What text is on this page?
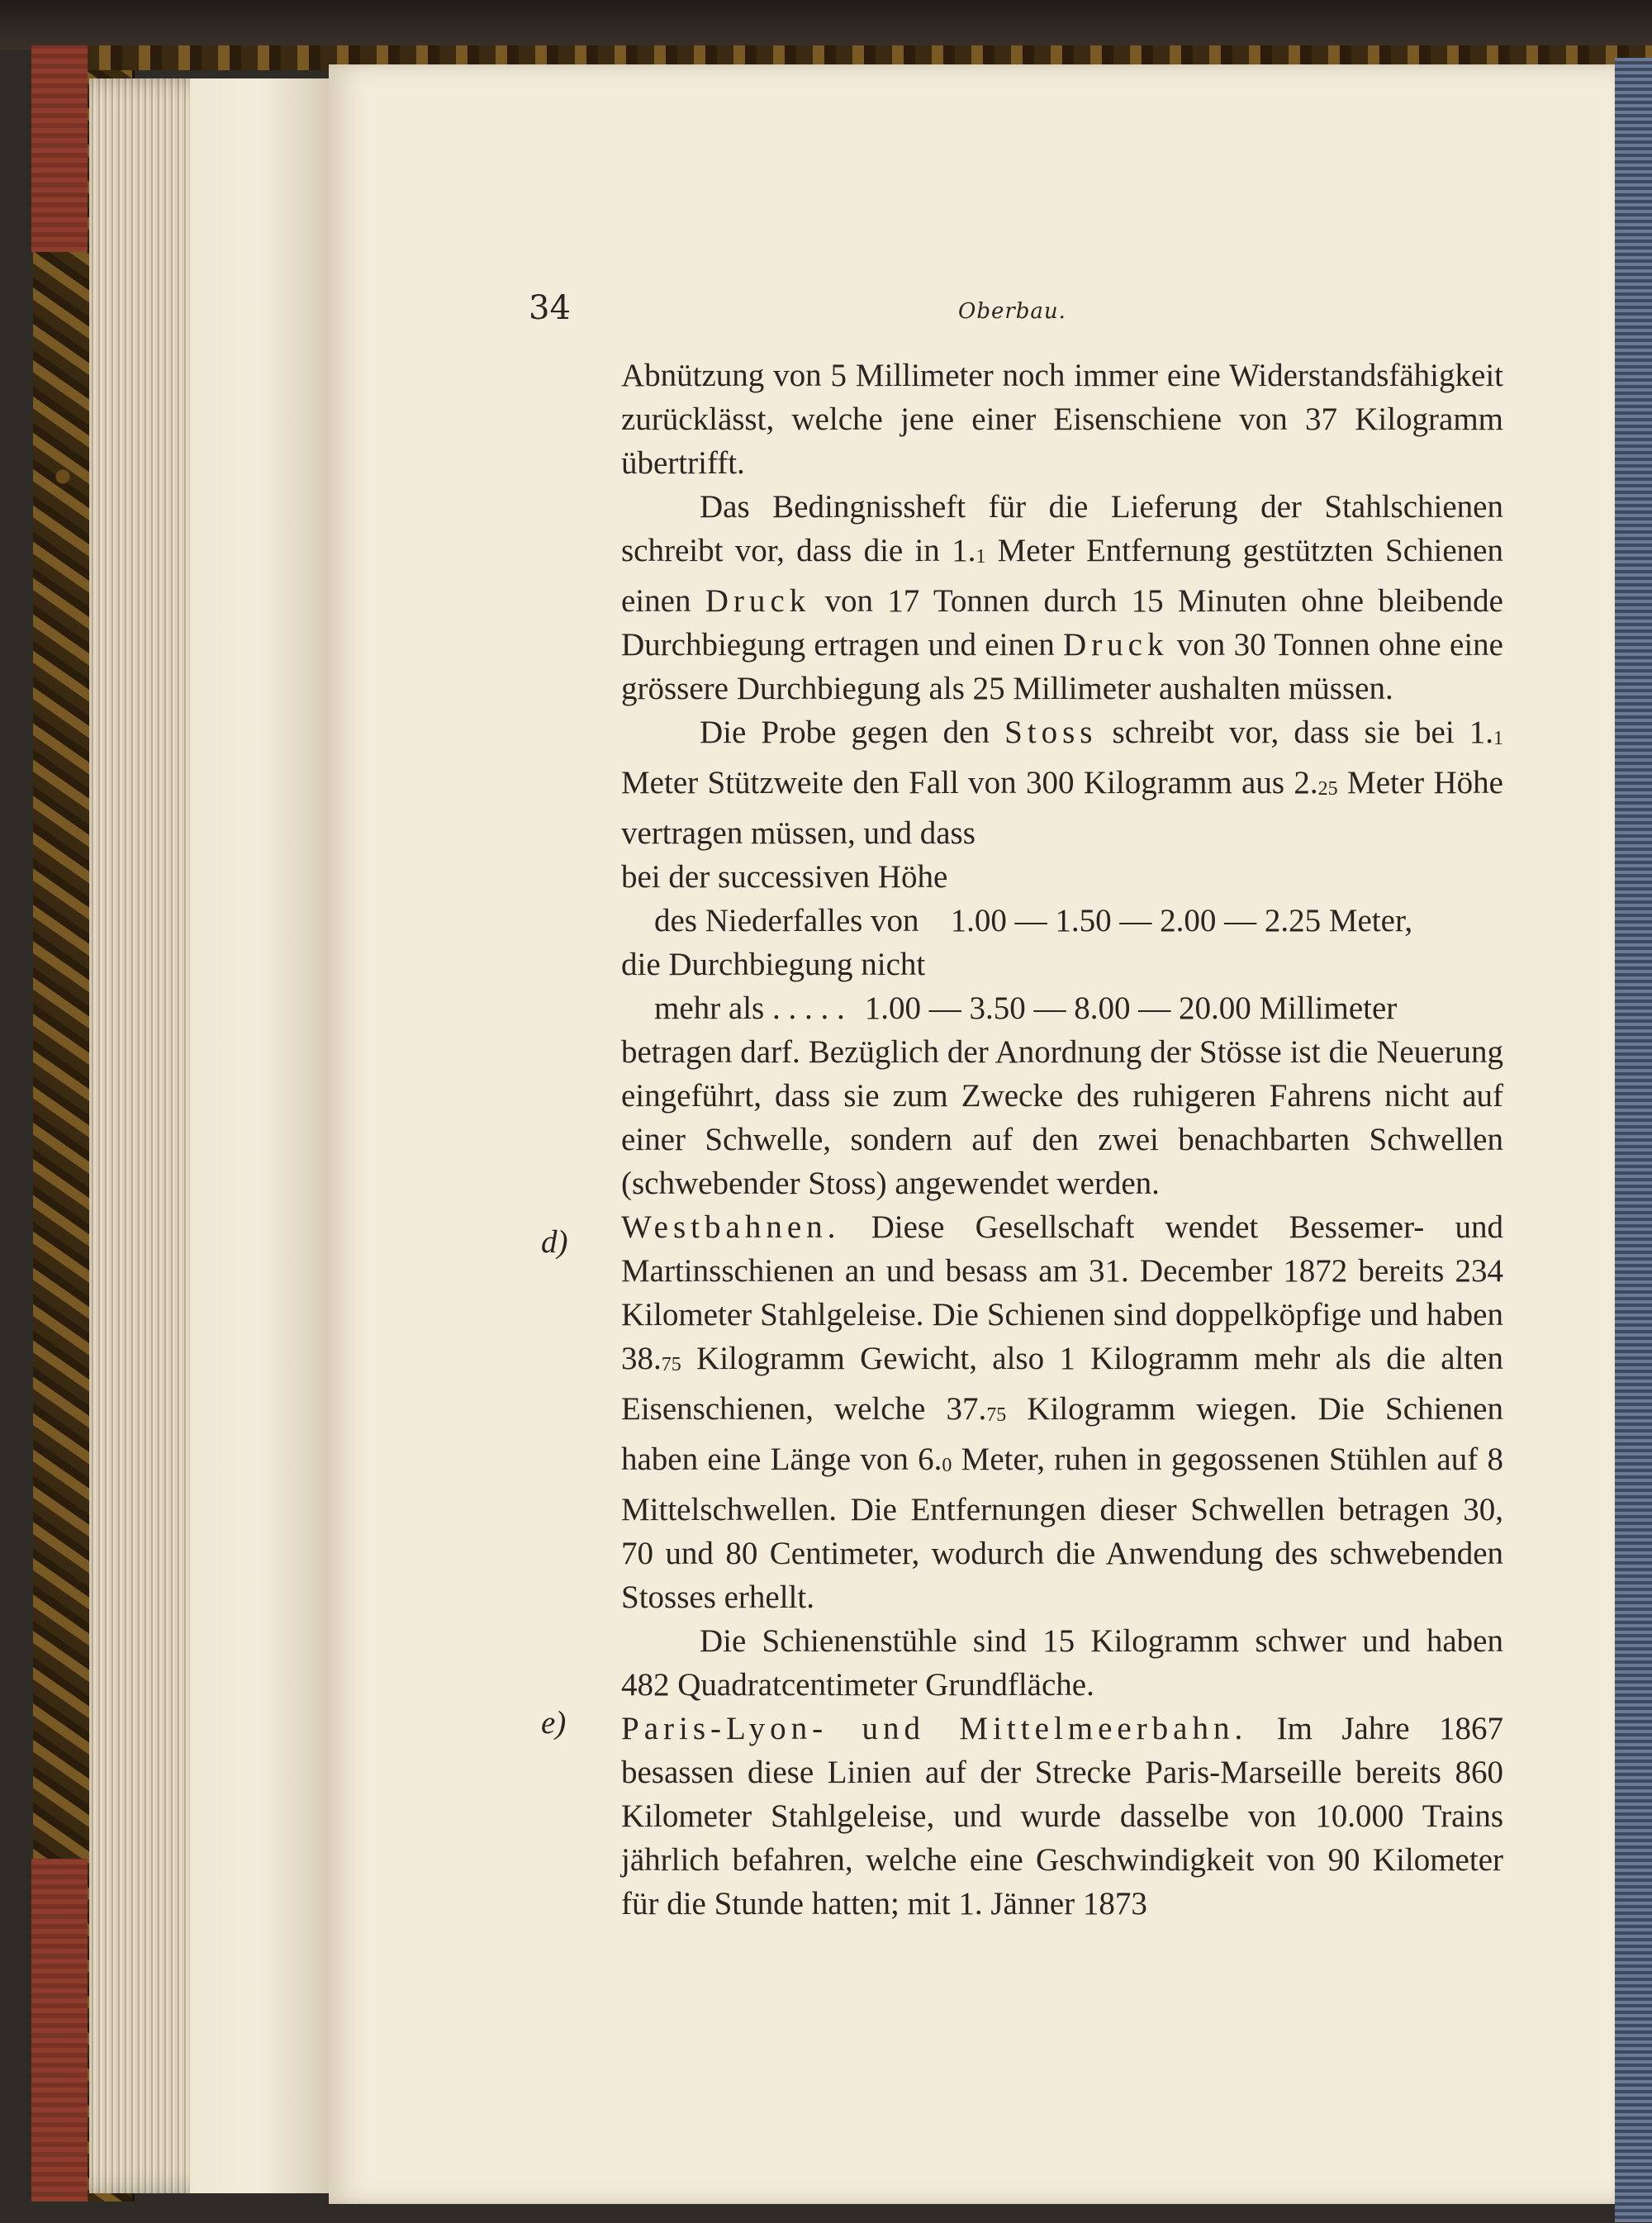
34	Oberbau.
d)
e)

Abnützung von 5 Millimeter noch immer eine Widerstandsfähigkeit zurücklässt, welche jene einer Eisenschiene von 37 Kilogramm übertrifft.

Das Bedingnissheft für die Lieferung der Stahlschienen schreibt vor, dass die in 1.1 Meter Entfernung gestützten Schienen einen Druck von 17 Tonnen durch 15 Minuten ohne bleibende Durchbiegung ertragen und einen Druck von 30 Tonnen ohne eine grössere Durchbiegung als 25 Millimeter aushalten müssen.

Die Probe gegen den Stoss schreibt vor, dass sie bei 1.1 Meter Stützweite den Fall von 300 Kilogramm aus 2.25 Meter Höhe vertragen müssen, und dass

bei der successiven Höhe

des Niederfalles von 1.00 — 1.50 — 2.00 — 2.25 Meter,

die Durchbiegung nicht

mehr als . . . . . 1.00 — 3.50 — 8.00 — 20.00 Millimeter

betragen darf. Bezüglich der Anordnung der Stösse ist die Neuerung eingeführt, dass sie zum Zwecke des ruhigeren Fahrens nicht auf einer Schwelle, sondern auf den zwei benachbarten Schwellen (schwebender Stoss) angewendet werden.

Westbahnen. Diese Gesellschaft wendet Bessemer- und Martinsschienen an und besass am 31. December 1872 bereits 234 Kilometer Stahlgeleise. Die Schienen sind doppelköpfige und haben 38.75 Kilogramm Gewicht, also 1 Kilogramm mehr als die alten Eisenschienen, welche 37.75 Kilogramm wiegen. Die Schienen haben eine Länge von 6.0 Meter, ruhen in gegossenen Stühlen auf 8 Mittelschwellen. Die Entfernungen dieser Schwellen betragen 30, 70 und 80 Centimeter, wodurch die Anwendung des schwebenden Stosses erhellt.

Die Schienenstühle sind 15 Kilogramm schwer und haben 482 Quadratcentimeter Grundfläche.

Paris-Lyon- und Mittelmeerbahn. Im Jahre 1867 besassen diese Linien auf der Strecke Paris-Marseille bereits 860 Kilometer Stahlgeleise, und wurde dasselbe von 10.000 Trains jährlich befahren, welche eine Geschwindigkeit von 90 Kilometer für die Stunde hatten; mit 1. Jänner 1873
